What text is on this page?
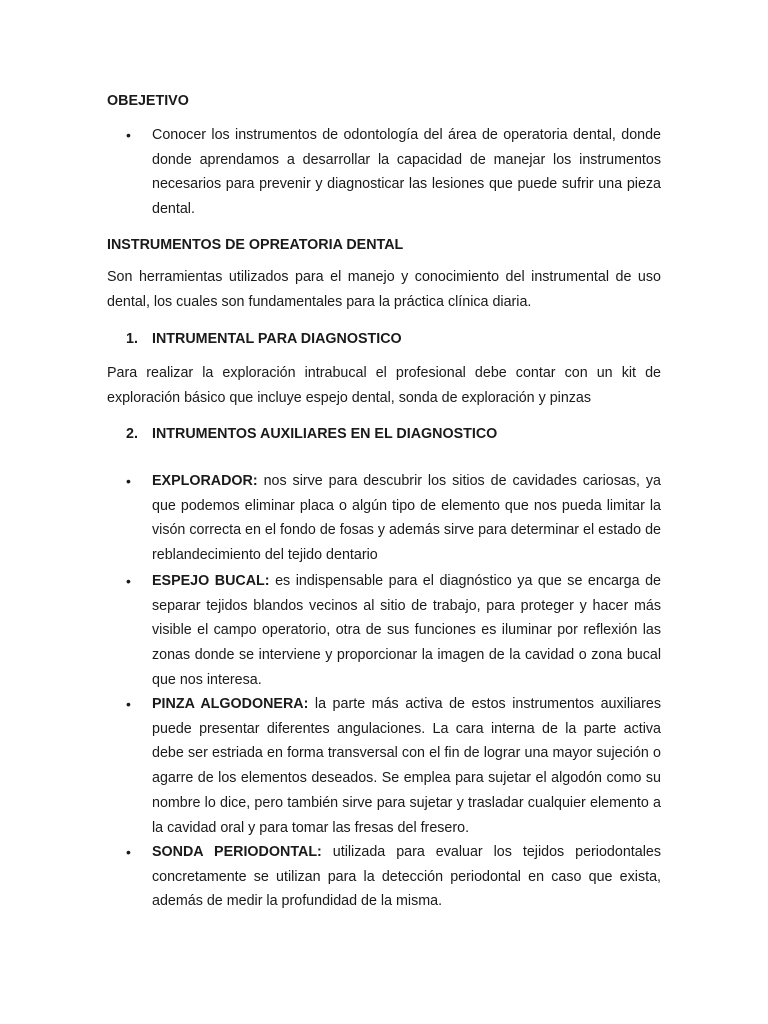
OBEJETIVO

•	Conocer los instrumentos de odontología del área de operatoria dental, donde donde aprendamos a desarrollar la capacidad de manejar los instrumentos necesarios para prevenir y diagnosticar las lesiones que puede sufrir una pieza dental.

INSTRUMENTOS DE OPREATORIA DENTAL

Son herramientas utilizados para el manejo y conocimiento del instrumental de uso dental, los cuales son fundamentales para la práctica clínica diaria.

1. INTRUMENTAL PARA DIAGNOSTICO

Para realizar la exploración intrabucal el profesional debe contar con un kit de exploración básico que incluye espejo dental, sonda de exploración y pinzas

2. INTRUMENTOS AUXILIARES EN EL DIAGNOSTICO

•	EXPLORADOR: nos sirve para descubrir los sitios de cavidades cariosas, ya que podemos eliminar placa o algún tipo de elemento que nos pueda limitar la visón correcta en el fondo de fosas y además sirve para determinar el estado de reblandecimiento del tejido dentario
•	ESPEJO BUCAL: es indispensable para el diagnóstico ya que se encarga de separar tejidos blandos vecinos al sitio de trabajo, para proteger y hacer más visible el campo operatorio, otra de sus funciones es iluminar por reflexión las zonas donde se interviene y proporcionar la imagen de la cavidad o zona bucal que nos interesa.
•	PINZA ALGODONERA: la parte más activa de estos instrumentos auxiliares puede presentar diferentes angulaciones. La cara interna de la parte activa debe ser estriada en forma transversal con el fin de lograr una mayor sujeción o agarre de los elementos deseados. Se emplea para sujetar el algodón como su nombre lo dice, pero también sirve para sujetar y trasladar cualquier elemento a la cavidad oral y para tomar las fresas del fresero.
•	SONDA PERIODONTAL: utilizada para evaluar los tejidos periodontales concretamente se utilizan para la detección periodontal en caso que exista, además de medir la profundidad de la misma.
